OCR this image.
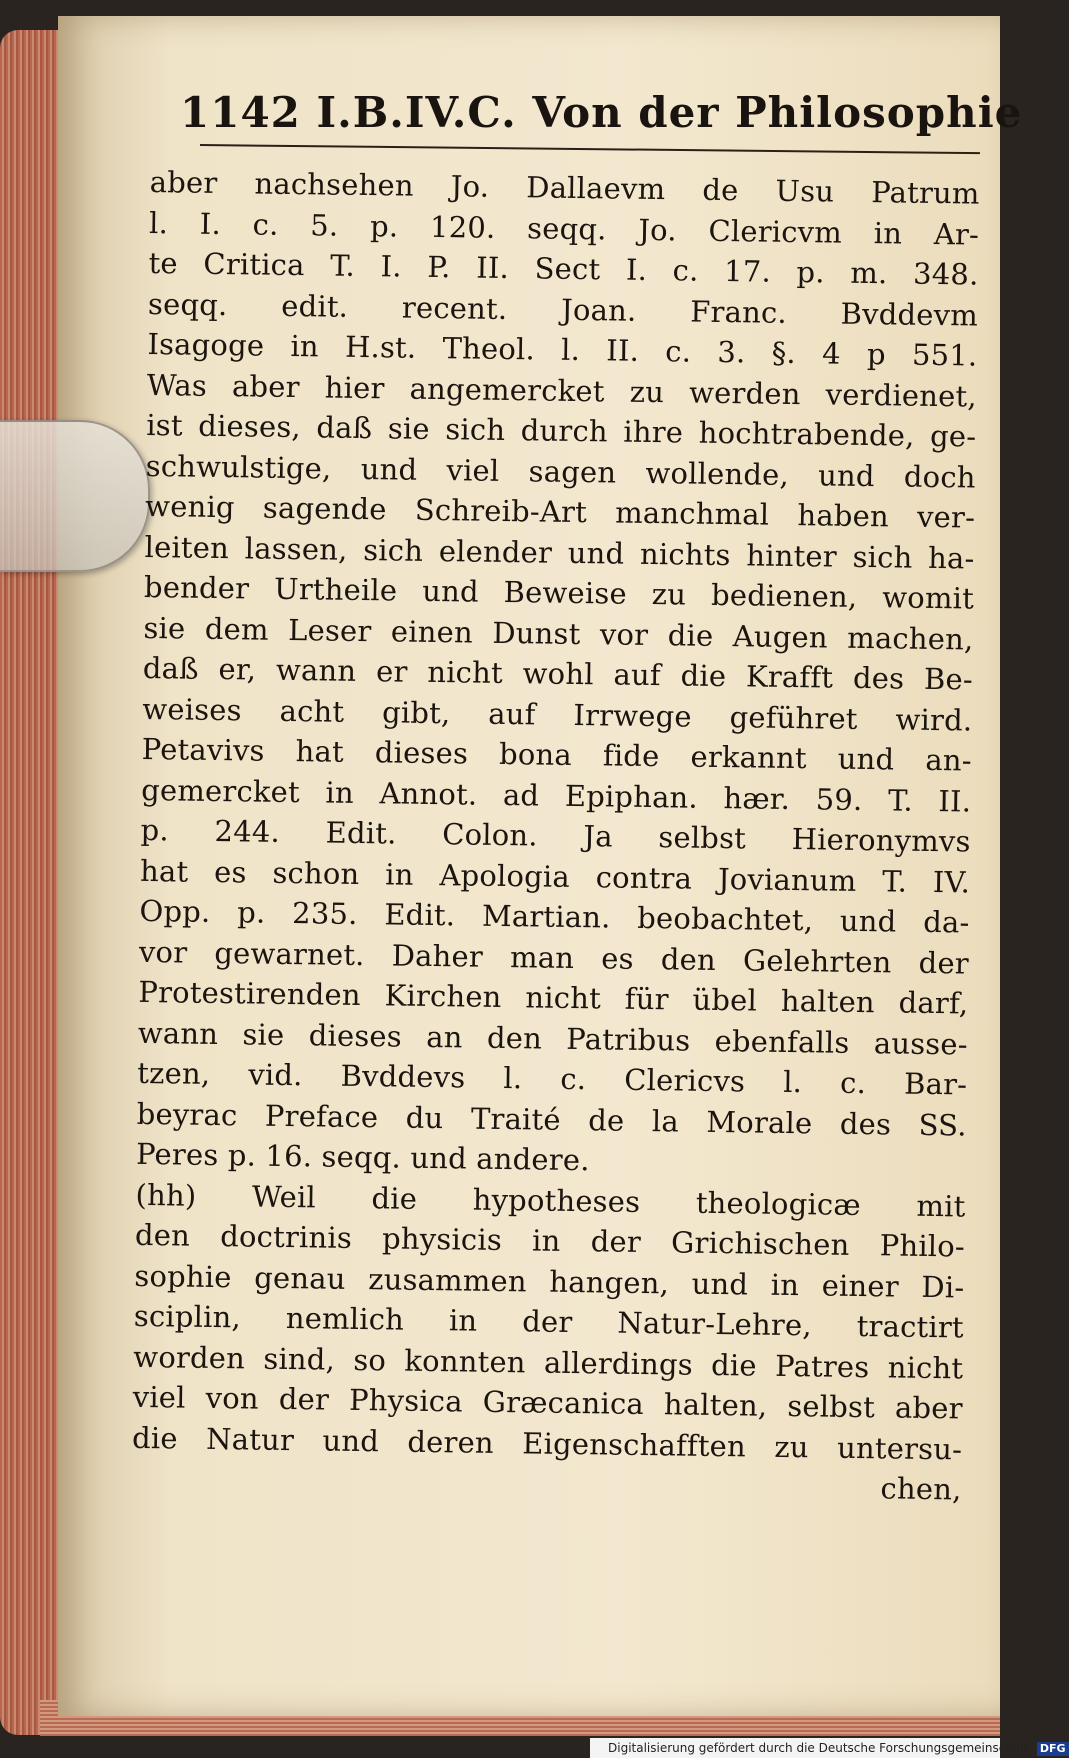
1142 I.B.IV.C. Von der Philosophie
aber nachsehen Jo. Dallaevm de Usu Patrum
l. I. c. 5. p. 120. seqq. Jo. Clericvm in Ar-
te Critica T. I. P. II. Sect I. c. 17. p. m. 348.
seqq. edit. recent. Joan. Franc. Bvddevm
Isagoge in H.st. Theol. l. II. c. 3. §. 4 p 551.
Was aber hier angemercket zu werden verdienet,
ist dieses, daß sie sich durch ihre hochtrabende, ge-
schwulstige, und viel sagen wollende, und doch
wenig sagende Schreib-Art manchmal haben ver-
leiten lassen, sich elender und nichts hinter sich ha-
bender Urtheile und Beweise zu bedienen, womit
sie dem Leser einen Dunst vor die Augen machen,
daß er, wann er nicht wohl auf die Krafft des Be-
weises acht gibt, auf Irrwege geführet wird.
Petavivs hat dieses bona fide erkannt und an-
gemercket in Annot. ad Epiphan. hær. 59. T. II.
p. 244. Edit. Colon. Ja selbst Hieronymvs
hat es schon in Apologia contra Jovianum T. IV.
Opp. p. 235. Edit. Martian. beobachtet, und da-
vor gewarnet. Daher man es den Gelehrten der
Protestirenden Kirchen nicht für übel halten darf,
wann sie dieses an den Patribus ebenfalls ausse-
tzen, vid. Bvddevs l. c. Clericvs l. c. Bar-
beyrac Preface du Traité de la Morale des SS.
Peres p. 16. seqq. und andere.
(hh) Weil die hypotheses theologicæ mit
den doctrinis physicis in der Grichischen Philo-
sophie genau zusammen hangen, und in einer Di-
sciplin, nemlich in der Natur-Lehre, tractirt
worden sind, so konnten allerdings die Patres nicht
viel von der Physica Græcanica halten, selbst aber
die Natur und deren Eigenschafften zu untersu-
chen,
Digitalisierung gefördert durch die Deutsche Forschungsgemeinschaft DFG
